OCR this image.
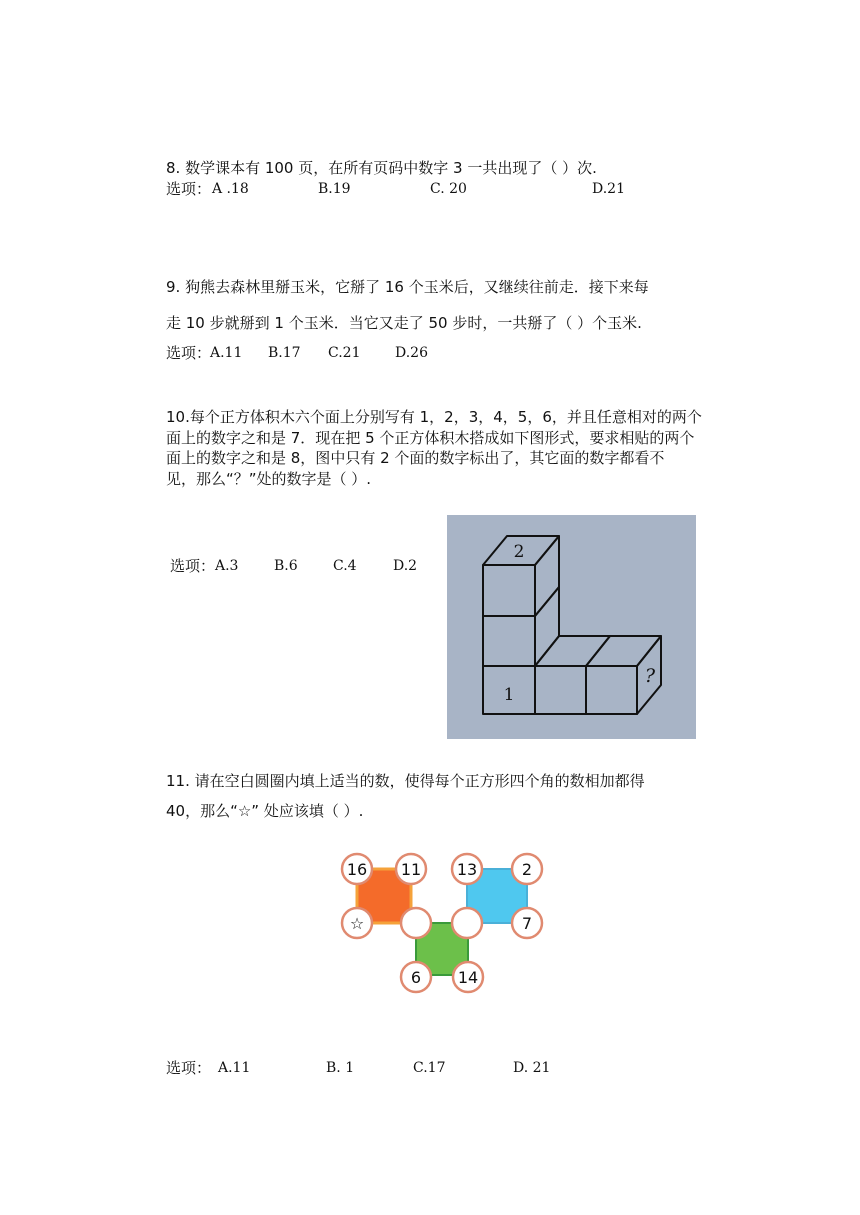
8. 数学课本有 100 页，在所有页码中数字 3 一共出现了（ ）次.
选项： A .18	B.19	C. 20	D.21
9. 狗熊去森林里掰玉米，它掰了 16 个玉米后，又继续往前走．接下来每
走 10 步就掰到 1 个玉米．当它又走了 50 步时，一共掰了（ ）个玉米.
选项：
A.11 B.17 C.21 D.26
10.每个正方体积木六个面上分别写有 1，2，3，4，5，6，并且任意相对的两个
面上的数字之和是 7．现在把 5 个正方体积木搭成如下图形式，要求相贴的两个
面上的数字之和是 8，图中只有 2 个面的数字标出了，其它面的数字都看不
见，那么“？”处的数字是（ ）.
选项： A.3	B.6	C.4	D.2
2
1
?
11. 请在空白圆圈内填上适当的数，使得每个正方形四个角的数相加都得
40，那么“☆” 处应该填（ ）.
16 11
☆
13	2
7
6 14
选项： A.11	B. 1	C.17	D. 21
